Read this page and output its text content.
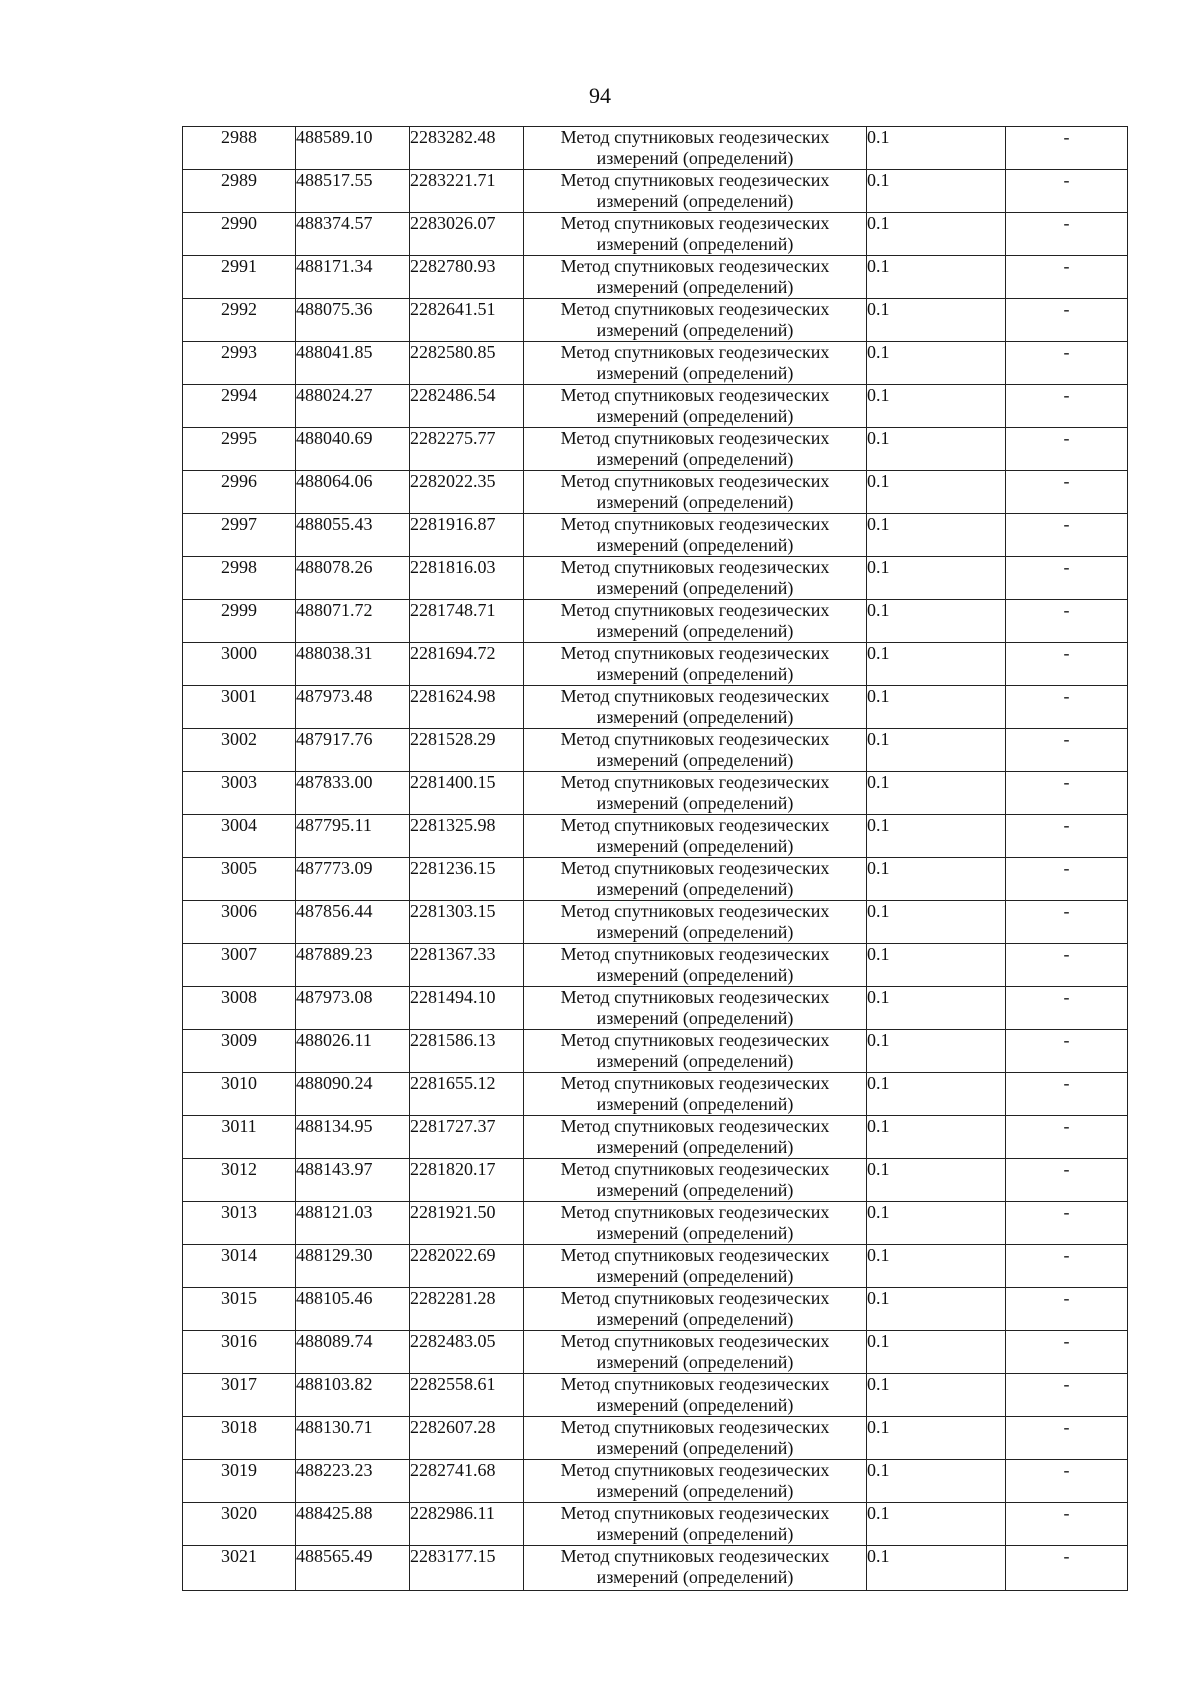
94
2988	488589.10	2283282.48	Метод спутниковых геодезических
измерений (определений)	0.1	-
2989	488517.55	2283221.71	Метод спутниковых геодезических
измерений (определений)	0.1	-
2990	488374.57	2283026.07	Метод спутниковых геодезических
измерений (определений)	0.1	-
2991	488171.34	2282780.93	Метод спутниковых геодезических
измерений (определений)	0.1	-
2992	488075.36	2282641.51	Метод спутниковых геодезических
измерений (определений)	0.1	-
2993	488041.85	2282580.85	Метод спутниковых геодезических
измерений (определений)	0.1	-
2994	488024.27	2282486.54	Метод спутниковых геодезических
измерений (определений)	0.1	-
2995	488040.69	2282275.77	Метод спутниковых геодезических
измерений (определений)	0.1	-
2996	488064.06	2282022.35	Метод спутниковых геодезических
измерений (определений)	0.1	-
2997	488055.43	2281916.87	Метод спутниковых геодезических
измерений (определений)	0.1	-
2998	488078.26	2281816.03	Метод спутниковых геодезических
измерений (определений)	0.1	-
2999	488071.72	2281748.71	Метод спутниковых геодезических
измерений (определений)	0.1	-
3000	488038.31	2281694.72	Метод спутниковых геодезических
измерений (определений)	0.1	-
3001	487973.48	2281624.98	Метод спутниковых геодезических
измерений (определений)	0.1	-
3002	487917.76	2281528.29	Метод спутниковых геодезических
измерений (определений)	0.1	-
3003	487833.00	2281400.15	Метод спутниковых геодезических
измерений (определений)	0.1	-
3004	487795.11	2281325.98	Метод спутниковых геодезических
измерений (определений)	0.1	-
3005	487773.09	2281236.15	Метод спутниковых геодезических
измерений (определений)	0.1	-
3006	487856.44	2281303.15	Метод спутниковых геодезических
измерений (определений)	0.1	-
3007	487889.23	2281367.33	Метод спутниковых геодезических
измерений (определений)	0.1	-
3008	487973.08	2281494.10	Метод спутниковых геодезических
измерений (определений)	0.1	-
3009	488026.11	2281586.13	Метод спутниковых геодезических
измерений (определений)	0.1	-
3010	488090.24	2281655.12	Метод спутниковых геодезических
измерений (определений)	0.1	-
3011	488134.95	2281727.37	Метод спутниковых геодезических
измерений (определений)	0.1	-
3012	488143.97	2281820.17	Метод спутниковых геодезических
измерений (определений)	0.1	-
3013	488121.03	2281921.50	Метод спутниковых геодезических
измерений (определений)	0.1	-
3014	488129.30	2282022.69	Метод спутниковых геодезических
измерений (определений)	0.1	-
3015	488105.46	2282281.28	Метод спутниковых геодезических
измерений (определений)	0.1	-
3016	488089.74	2282483.05	Метод спутниковых геодезических
измерений (определений)	0.1	-
3017	488103.82	2282558.61	Метод спутниковых геодезических
измерений (определений)	0.1	-
3018	488130.71	2282607.28	Метод спутниковых геодезических
измерений (определений)	0.1	-
3019	488223.23	2282741.68	Метод спутниковых геодезических
измерений (определений)	0.1	-
3020	488425.88	2282986.11	Метод спутниковых геодезических
измерений (определений)	0.1	-
3021	488565.49	2283177.15	Метод спутниковых геодезических
измерений (определений)	0.1	-
